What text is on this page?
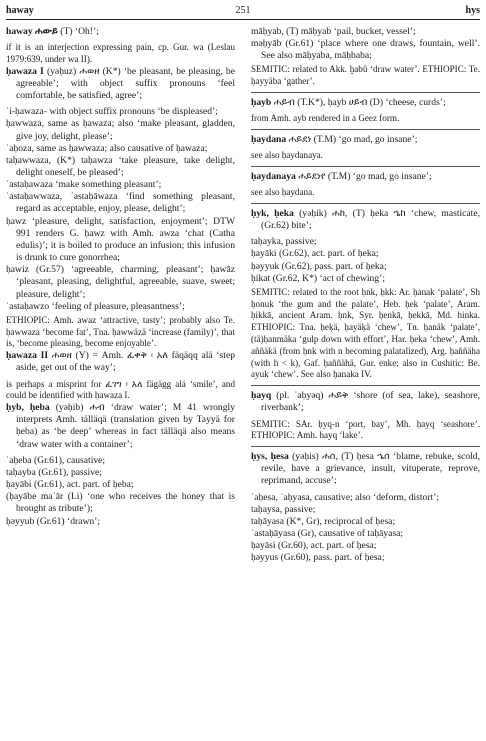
haway	251	hys
haway ሐውይ (T) ‘Oh!’;
if it is an interjection expressing pain, cp. Gur. wa (Leslau 1979:639, under wa II).
ḥawaza I (yəḥuz) ሐወዘ (K*) ‘be pleasant, be pleasing, be agreeable’; with object suffix pronouns ‘feel comfortable, be satisfied, agree’;
ʾi-ḥawaza- with object suffix pronouns ‘be displeased’;
ḥawwaza, same as ḥawaza; also ‘make pleasant, gladden, give joy, delight, please’;
ʾaḥoza, same as ḥawwaza; also causative of ḥawaza;
taḥawwaza, (K*) taḥawza ‘take pleasure, take delight, delight oneself, be pleased’;
ʾastaḥawaza ‘make something pleasant’;
ʾastaḥawwaza, ʾastaḥāwaza ‘find something pleasant, regard as acceptable, enjoy, please, delight’;
ḥawz ‘pleasure, delight, satisfaction, enjoyment’; DTW 991 renders G. ḥawz with Amh. awza ‘chat (Catha edulis)’; it is boiled to produce an infusion; this infusion is drunk to cure gonorrhea;
ḥawiz (Gr.57) ‘agreeable, charming, pleasant’; ḥawāz ‘pleasant, pleasing, delightful, agreeable, suave, sweet; pleasure, delight’;
ʾastaḥawzo ‘feeling of pleasure, pleasantness’;
ETHIOPIC: Amh. awaz ‘attractive, tasty’; probably also Te. ḥawwaza ‘become fat’, Tna. ḥawwäzä ‘increase (family)’, that is, ‘become pleasing, become enjoyable’.
ḥawaza II ሐወዘ (Y) = Amh. ፈቀቅ ፡ አለ fäqäqq alä ‘step aside, get out of the way’;
is perhaps a misprint for ፈገግ ፡ አለ fägägg alä ‘smile’, and could be identified with ḥawaza I.
ḥyb, ḥeba (yəḥib) ሐብ ‘draw water’; M 41 wrongly interprets Amh. tälläqä (translation given by Tayyä for ḥeba) as ‘be deep’ whereas in fact tälläqä also means ‘draw water with a container’;
ʾaḥeba (Gr.61), causative;
taḥayba (Gr.61), passive;
ḥayābi (Gr.61), act. part. of ḥeba;
(ḥayābe maʾār (Li) ‘one who receives the honey that is brought as tribute’);
ḥəyyub (Gr.61) ‘drawn’;
māḥyab, (T) māḥyab ‘pail, bucket, vessel’;
məḥyāb (Gr.61) ‘place where one draws, fountain, well’. See also māḥyaba, māḥbaba;
SEMITIC: related to Akk. ḫabû ‘draw water’. ETHIOPIC: Te. ḥayyäba ‘gather’.
ḥayb ሐይብ (T.K*), ḥayb ሀይብ (D) ‘cheese, curds’;
from Amh. ayb rendered in a Geez form.
ḥaydana ሐይደነ (T.M) ‘go mad, go insane’;
see also ḥaydanaya.
ḥaydanaya ሐይደነየ (T.M) ‘go mad, go insane’;
see also ḥaydana.
ḥyk, ḥeka (yəḥik) ሐከ, (T) ḥeka ኄከ ‘chew, masticate, (Gr.62) bite’;
taḥayka, passive;
ḥayāki (Gr.62), act. part. of ḥeka;
ḥəyyuk (Gr.62), pass. part. of ḥeka;
ḥikat (Gr.62, K*) ‘act of chewing’;
SEMITIC: related to the root ḥnk, ḥkk: Ar. ḥanak ‘palate’, Sh ḥonuk ‘the gum and the palate’, Heb. ḥek ‘palate’, Aram. ḥikkā, ancient Aram. ḥnk, Syr. ḥenkā, ḥekkā, Md. hinka. ETHIOPIC: Tna. ḥeḳä, ḥayäḳä ‘chew’, Tn. ḥanäk ‘palate’, (tä)ḥanmäka ‘gulp down with effort’, Har. ḥeka ‘chew’, Amh. aññäkä (from ḥnk with n becoming palatalized), Arg. ḥaññäha (with h < k), Gaf. ḥaññähä, Gur. enke; also in Cushitic: Be. ayuk ‘chew’. See also ḥanaka IV.
ḥayq (pl. ʾaḥyəq) ሐይቅ ‘shore (of sea, lake), seashore, riverbank’;
SEMITIC: SAr. ḥyq-n ‘port, bay’, Mh. ḥayq ‘seashore’. ETHIOPIC: Amh. hayq ‘lake’.
ḥys, ḥesa (yəḥis) ሐሰ, (T) ḥesa ኄሰ ‘blame, rebuke, scold, revile, have a grievance, insult, vituperate, reprove, reprimand, accuse’;
ʾaḥesa, ʾaḥyasa, causative; also ‘deform, distort’;
taḥaysa, passive;
taḥāyasa (K*, Gr), reciprocal of ḥesa;
ʾastaḥāyasa (Gr), causative of taḥāyasa;
ḥayāsi (Gr.60), act. part. of ḥesa;
ḥəyyus (Gr.60), pass. part. of ḥesa;
